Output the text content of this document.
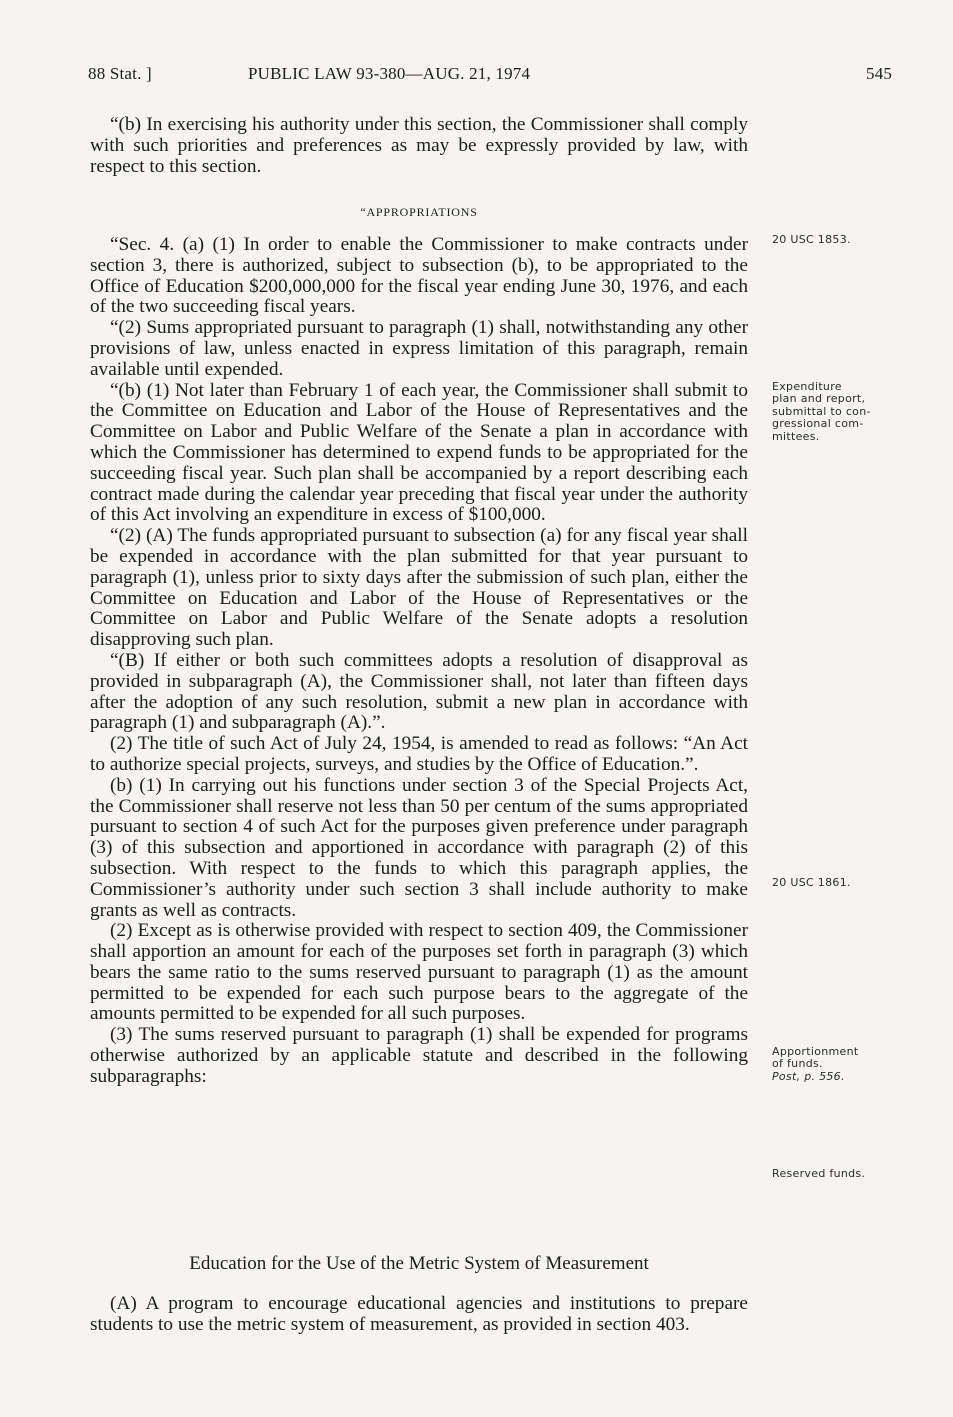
88 Stat. ]	PUBLIC LAW 93-380—AUG. 21, 1974	545

“(b) In exercising his authority under this section, the Commissioner shall comply with such priorities and preferences as may be expressly provided by law, with respect to this section.

“APPROPRIATIONS

“Sec. 4. (a) (1) In order to enable the Commissioner to make contracts under section 3, there is authorized, subject to subsection (b), to be appropriated to the Office of Education $200,000,000 for the fiscal year ending June 30, 1976, and each of the two succeeding fiscal years.

“(2) Sums appropriated pursuant to paragraph (1) shall, notwithstanding any other provisions of law, unless enacted in express limitation of this paragraph, remain available until expended.

“(b) (1) Not later than February 1 of each year, the Commissioner shall submit to the Committee on Education and Labor of the House of Representatives and the Committee on Labor and Public Welfare of the Senate a plan in accordance with which the Commissioner has determined to expend funds to be appropriated for the succeeding fiscal year. Such plan shall be accompanied by a report describing each contract made during the calendar year preceding that fiscal year under the authority of this Act involving an expenditure in excess of $100,000.

“(2) (A) The funds appropriated pursuant to subsection (a) for any fiscal year shall be expended in accordance with the plan submitted for that year pursuant to paragraph (1), unless prior to sixty days after the submission of such plan, either the Committee on Education and Labor of the House of Representatives or the Committee on Labor and Public Welfare of the Senate adopts a resolution disapproving such plan.

“(B) If either or both such committees adopts a resolution of disapproval as provided in subparagraph (A), the Commissioner shall, not later than fifteen days after the adoption of any such resolution, submit a new plan in accordance with paragraph (1) and subparagraph (A).”.

(2) The title of such Act of July 24, 1954, is amended to read as follows: “An Act to authorize special projects, surveys, and studies by the Office of Education.”.

(b) (1) In carrying out his functions under section 3 of the Special Projects Act, the Commissioner shall reserve not less than 50 per centum of the sums appropriated pursuant to section 4 of such Act for the purposes given preference under paragraph (3) of this subsection and apportioned in accordance with paragraph (2) of this subsection. With respect to the funds to which this paragraph applies, the Commissioner’s authority under such section 3 shall include authority to make grants as well as contracts.

(2) Except as is otherwise provided with respect to section 409, the Commissioner shall apportion an amount for each of the purposes set forth in paragraph (3) which bears the same ratio to the sums reserved pursuant to paragraph (1) as the amount permitted to be expended for each such purpose bears to the aggregate of the amounts permitted to be expended for all such purposes.

(3) The sums reserved pursuant to paragraph (1) shall be expended for programs otherwise authorized by an applicable statute and described in the following subparagraphs:

Education for the Use of the Metric System of Measurement

(A) A program to encourage educational agencies and institutions to prepare students to use the metric system of measurement, as provided in section 403.

20 USC 1853.
Expenditure
plan and report,
submittal to con-
gressional com-
mittees.
20 USC 1861.
Apportionment
of funds.
Post, p. 556.
Reserved funds.
